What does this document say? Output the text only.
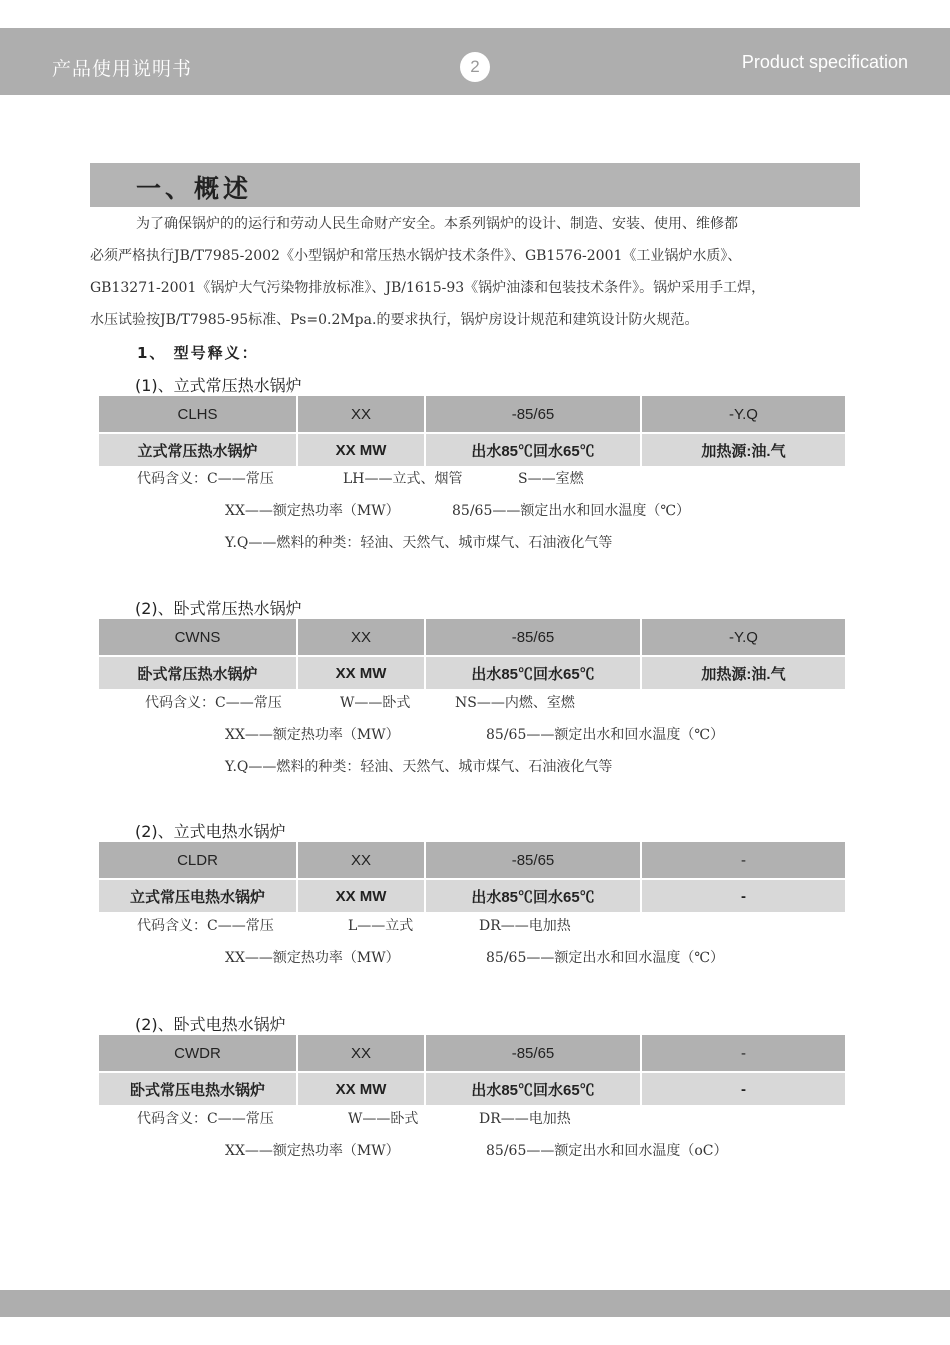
产品使用说明书	2	Product specification
一、概述

为了确保锅炉的的运行和劳动人民生命财产安全。本系列锅炉的设计、制造、安装、使用、维修都

必须严格执行JB/T7985-2002《小型锅炉和常压热水锅炉技术条件》、GB1576-2001《工业锅炉水质》、

GB13271-2001《锅炉大气污染物排放标准》、JB/1615-93《锅炉油漆和包装技术条件》。锅炉采用手工焊，

水压试验按JB/T7985-95标准、Ps=0.2Mpa.的要求执行，锅炉房设计规范和建筑设计防火规范。

1、 型号释义：
(1)、立式常压热水锅炉
CLHS	XX	-85/65	-Y.Q
立式常压热水锅炉	XX MW	出水85℃回水65℃	加热源:油.气
代码含义：C——常压	LH——立式、烟管	S——室燃
XX——额定热功率（MW）	85/65——额定出水和回水温度（℃）
Y.Q——燃料的种类：轻油、天然气、城市煤气、石油液化气等
(2)、卧式常压热水锅炉
CWNS	XX	-85/65	-Y.Q
卧式常压热水锅炉	XX MW	出水85℃回水65℃	加热源:油.气
代码含义：C——常压	W——卧式	NS——内燃、室燃
XX——额定热功率（MW）	85/65——额定出水和回水温度（℃）
Y.Q——燃料的种类：轻油、天然气、城市煤气、石油液化气等
(2)、立式电热水锅炉
CLDR	XX	-85/65	-
立式常压电热水锅炉	XX MW	出水85℃回水65℃	-
代码含义：C——常压	L——立式	DR——电加热
XX——额定热功率（MW）	85/65——额定出水和回水温度（℃）
(2)、卧式电热水锅炉
CWDR	XX	-85/65	-
卧式常压电热水锅炉	XX MW	出水85℃回水65℃	-
代码含义：C——常压	W——卧式	DR——电加热
XX——额定热功率（MW）	85/65——额定出水和回水温度（oC）
